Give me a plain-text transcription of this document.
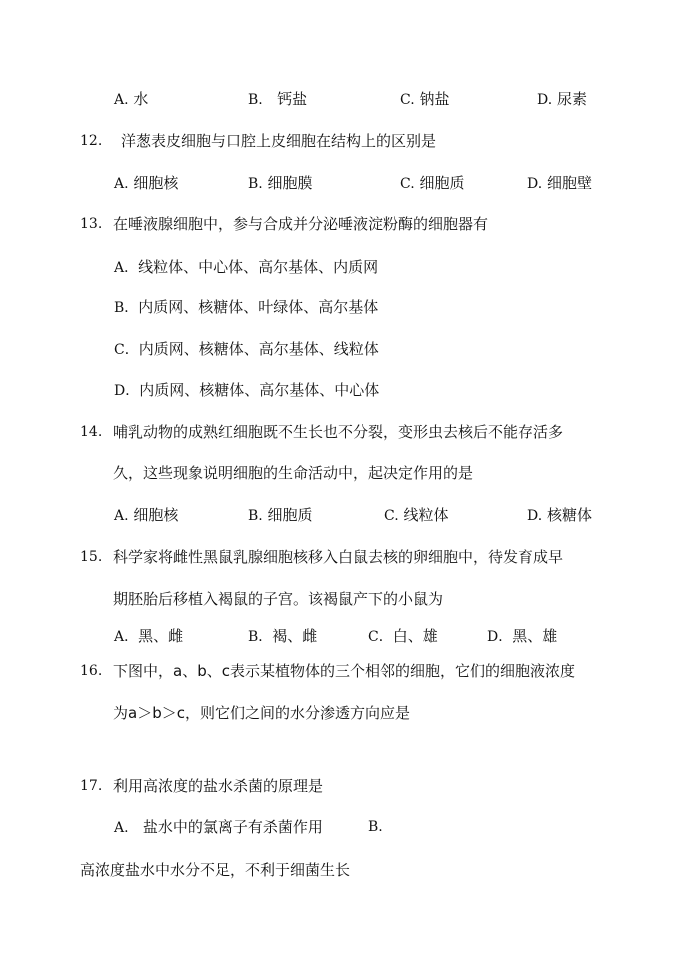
A. 水	B. 钙盐	C. 钠盐	D. 尿素
12. 洋葱表皮细胞与口腔上皮细胞在结构上的区别是
A. 细胞核	B. 细胞膜	C. 细胞质	D. 细胞壁
13. 在唾液腺细胞中，参与合成并分泌唾液淀粉酶的细胞器有
A．线粒体、中心体、高尔基体、内质网
B．内质网、核糖体、叶绿体、高尔基体
C．内质网、核糖体、高尔基体、线粒体
D．内质网、核糖体、高尔基体、中心体
14. 哺乳动物的成熟红细胞既不生长也不分裂，变形虫去核后不能存活多
久，这些现象说明细胞的生命活动中，起决定作用的是
A. 细胞核	B. 细胞质	C. 线粒体	D. 核糖体
15. 科学家将雌性黑鼠乳腺细胞核移入白鼠去核的卵细胞中，待发育成早
期胚胎后移植入褐鼠的子宫。该褐鼠产下的小鼠为
A．黑、雌	B．褐、雌	C．白、雄	D．黑、雄
16. 下图中，a、b、c表示某植物体的三个相邻的细胞，它们的细胞液浓度
为a＞b＞c，则它们之间的水分渗透方向应是
17. 利用高浓度的盐水杀菌的原理是
A. 盐水中的氯离子有杀菌作用	B.
高浓度盐水中水分不足，不利于细菌生长
